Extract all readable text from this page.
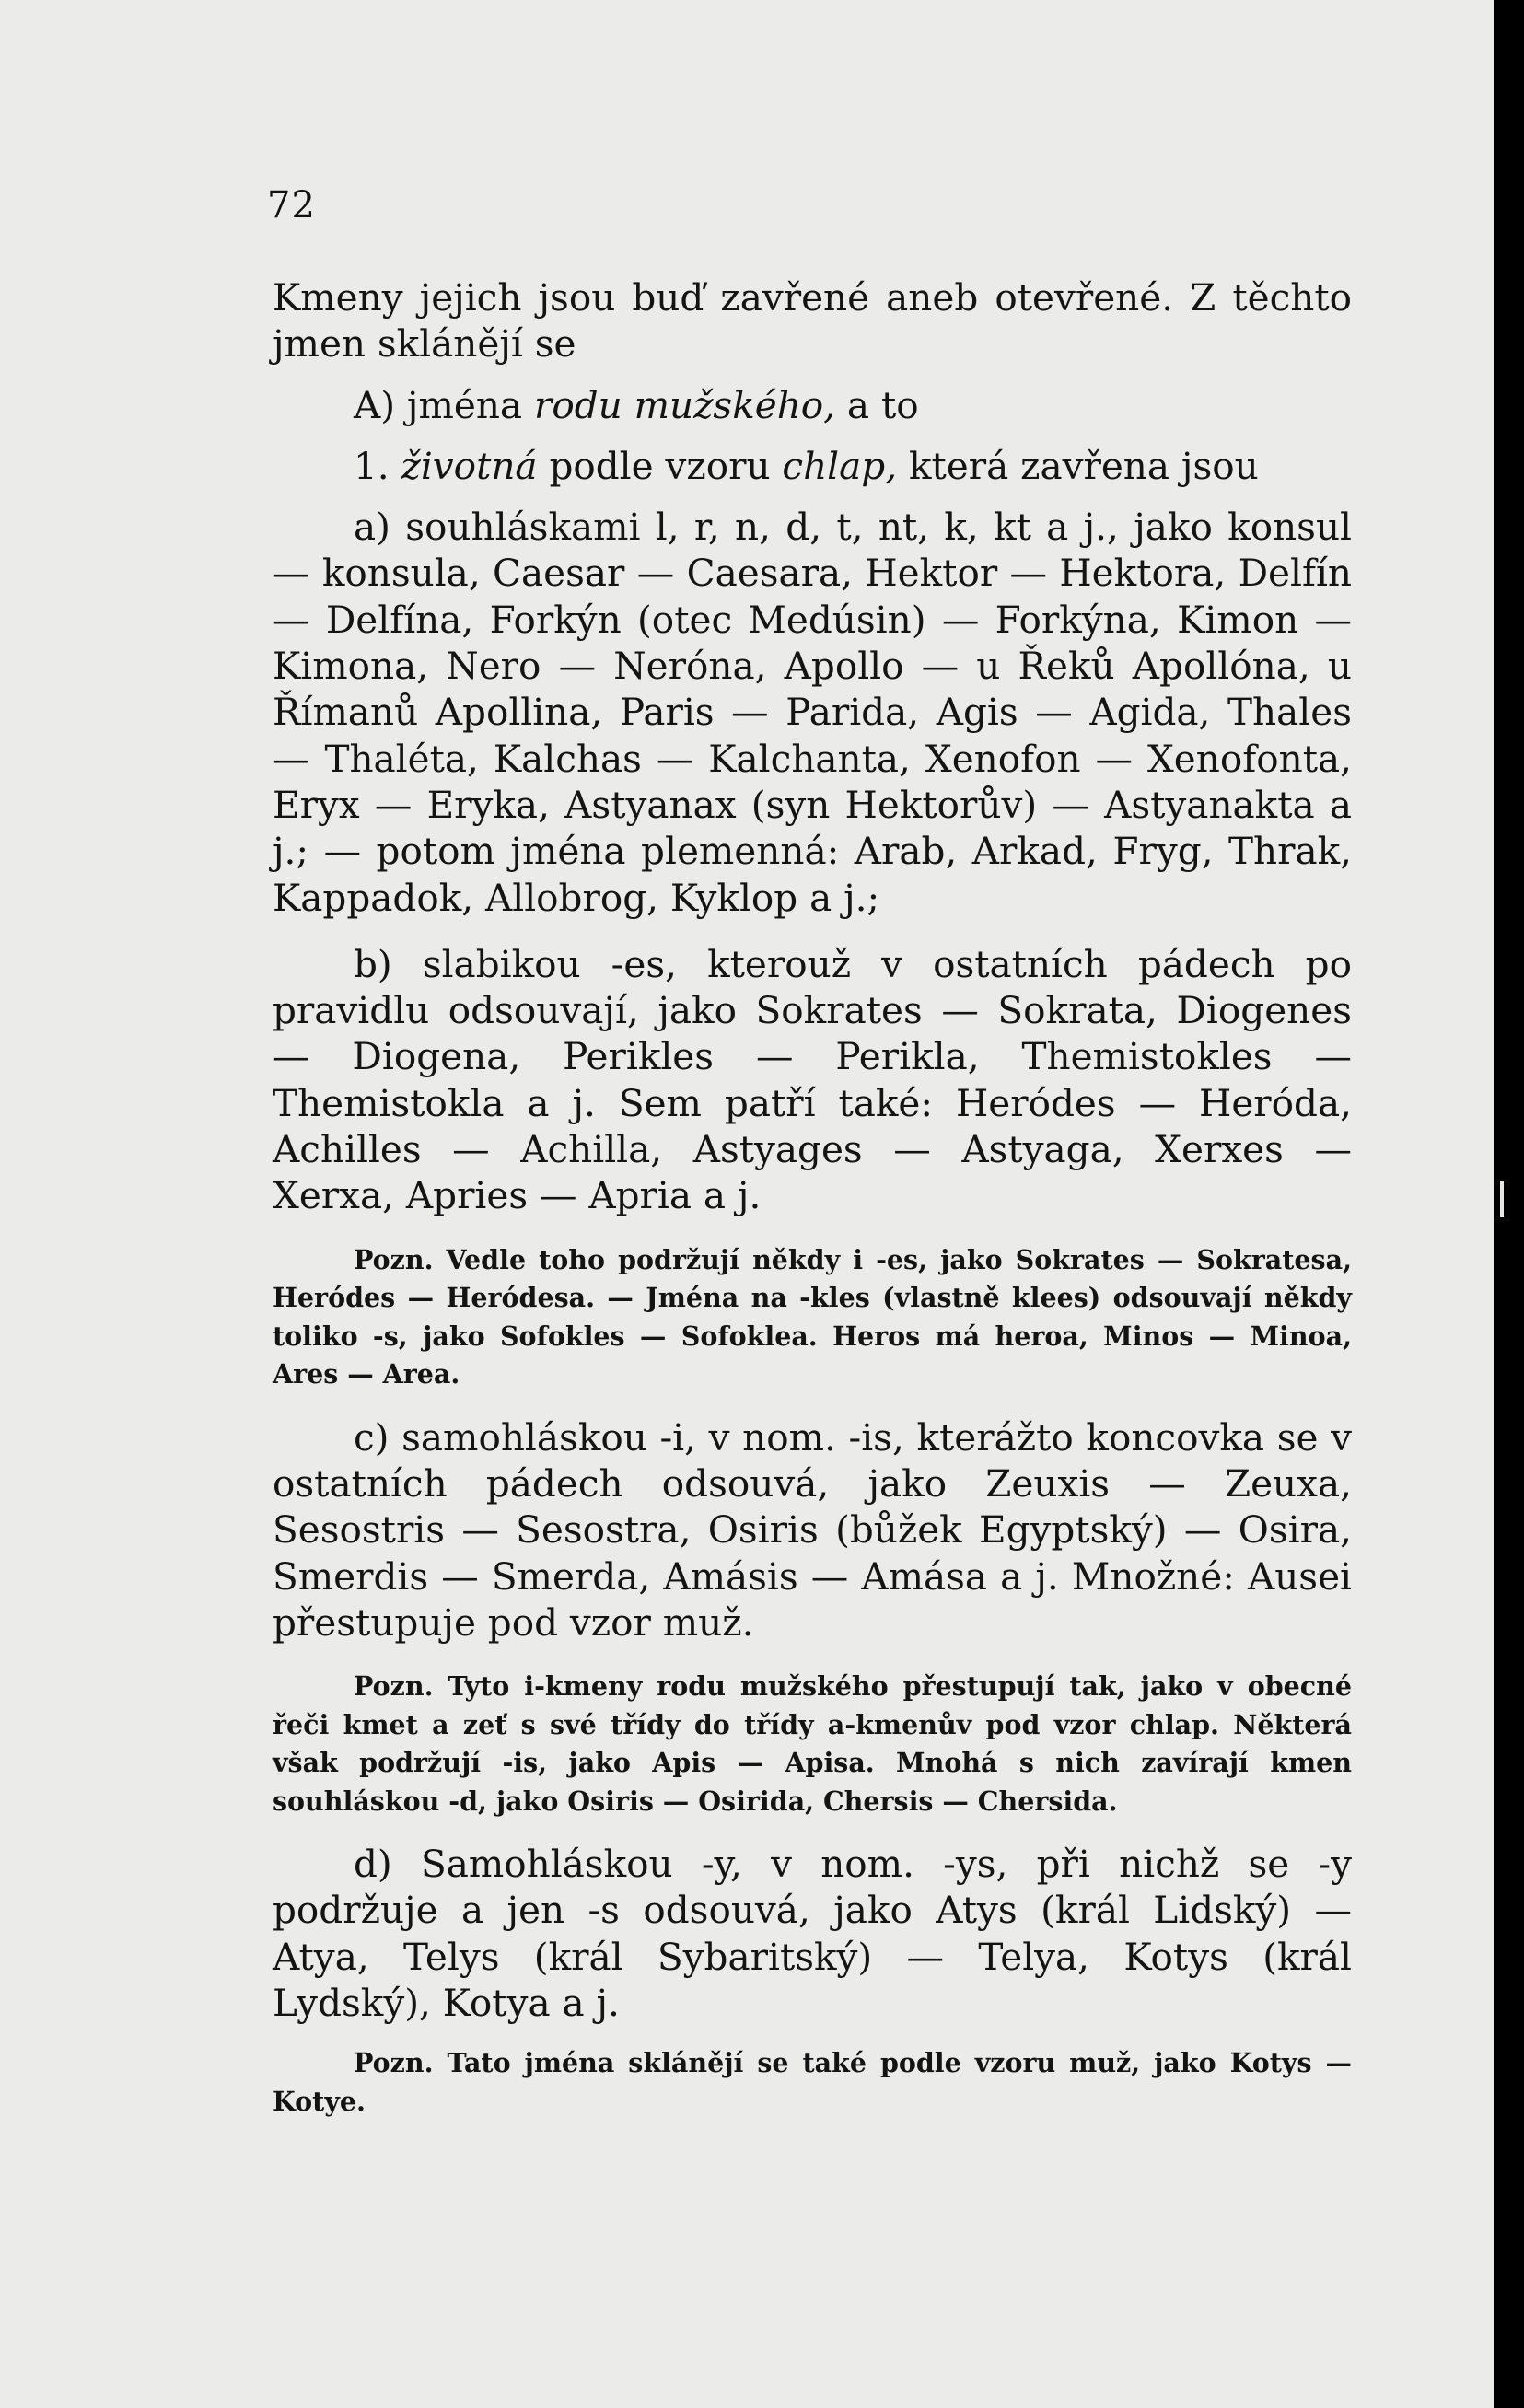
72

Kmeny jejich jsou buď zavřené aneb otevřené. Z těchto jmen sklánějí se

A) jména rodu mužského, a to

1. životná podle vzoru chlap, která zavřena jsou

a) souhláskami l, r, n, d, t, nt, k, kt a j., jako konsul — konsula, Caesar — Caesara, Hektor — Hektora, Delfín — Delfína, Forkýn (otec Medúsin) — Forkýna, Kimon — Kimona, Nero — Neróna, Apollo — u Řeků Apollóna, u Římanů Apollina, Paris — Parida, Agis — Agida, Thales — Thaléta, Kalchas — Kalchanta, Xenofon — Xenofonta, Eryx — Eryka, Astyanax (syn Hektorův) — Astyanakta a j.; — potom jména plemenná: Arab, Arkad, Fryg, Thrak, Kappadok, Allobrog, Kyklop a j.;

b) slabikou -es, kterouž v ostatních pádech po pravidlu odsouvají, jako Sokrates — Sokrata, Diogenes — Diogena, Perikles — Perikla, Themistokles — Themistokla a j. Sem patří také: Heródes — Heróda, Achilles — Achilla, Astyages — Astyaga, Xerxes — Xerxa, Apries — Apria a j.

Pozn. Vedle toho podržují někdy i -es, jako Sokrates — Sokratesa, Heródes — Heródesa. — Jména na -kles (vlastně klees) odsouvají někdy toliko -s, jako Sofokles — Sofoklea. Heros má heroa, Minos — Minoa, Ares — Area.

c) samohláskou -i, v nom. -is, kterážto koncovka se v ostatních pádech odsouvá, jako Zeuxis — Zeuxa, Sesostris — Sesostra, Osiris (bůžek Egyptský) — Osira, Smerdis — Smerda, Amásis — Amása a j. Množné: Ausei přestupuje pod vzor muž.

Pozn. Tyto i-kmeny rodu mužského přestupují tak, jako v obecné řeči kmet a zeť s své třídy do třídy a-kmenův pod vzor chlap. Některá však podržují -is, jako Apis — Apisa. Mnohá s nich zavírají kmen souhláskou -d, jako Osiris — Osirida, Chersis — Chersida.

d) Samohláskou -y, v nom. -ys, při nichž se -y podržuje a jen -s odsouvá, jako Atys (král Lidský) — Atya, Telys (král Sybaritský) — Telya, Kotys (král Lydský), Kotya a j.

Pozn. Tato jména sklánějí se také podle vzoru muž, jako Kotys — Kotye.
